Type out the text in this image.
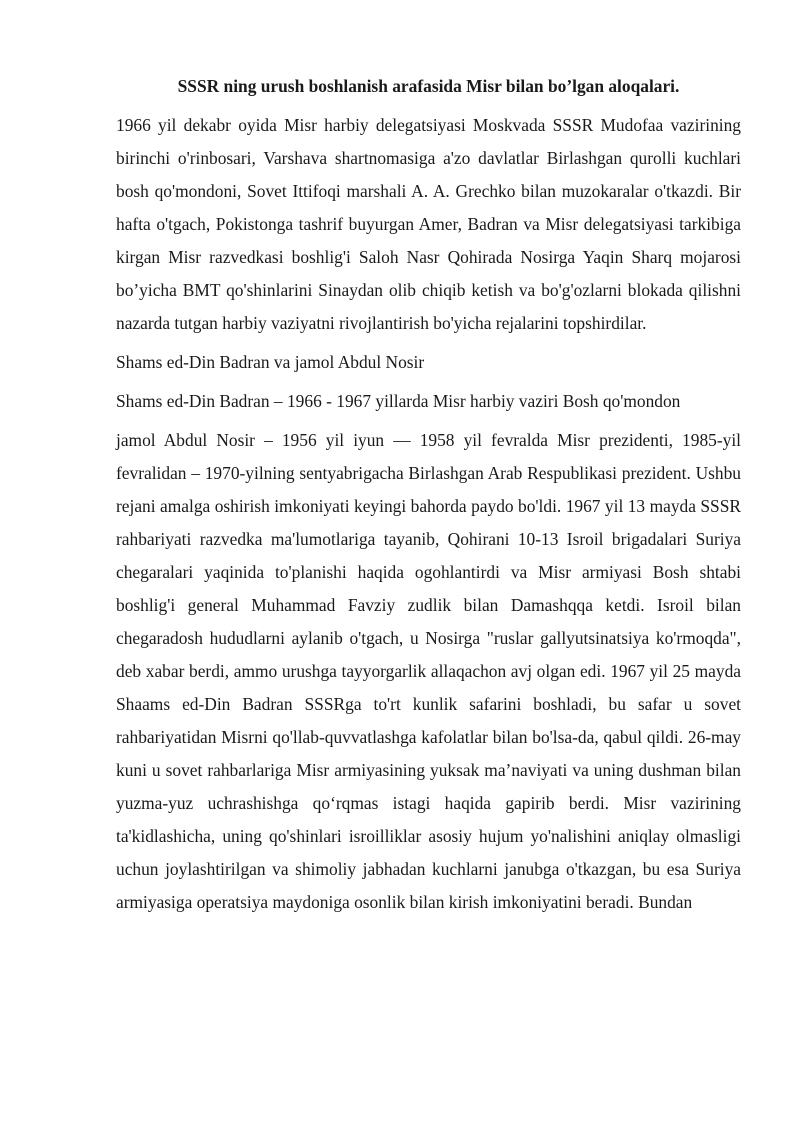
SSSR ning urush boshlanish arafasida Misr bilan bo’lgan aloqalari.

1966 yil dekabr oyida Misr harbiy delegatsiyasi Moskvada SSSR Mudofaa vazirining birinchi o'rinbosari, Varshava shartnomasiga a'zo davlatlar Birlashgan qurolli kuchlari bosh qo'mondoni, Sovet Ittifoqi marshali A. A. Grechko bilan muzokaralar o'tkazdi. Bir hafta o'tgach, Pokistonga tashrif buyurgan Amer, Badran va Misr delegatsiyasi tarkibiga kirgan Misr razvedkasi boshlig'i Saloh Nasr Qohirada Nosirga Yaqin Sharq mojarosi bo’yicha BMT qo'shinlarini Sinaydan olib chiqib ketish va bo'g'ozlarni blokada qilishni nazarda tutgan harbiy vaziyatni rivojlantirish bo'yicha rejalarini topshirdilar.

Shams ed-Din Badran va jamol Abdul Nosir

Shams ed-Din Badran – 1966 - 1967 yillarda Misr harbiy vaziri Bosh qo'mondon

jamol Abdul Nosir – 1956 yil iyun — 1958 yil fevralda Misr prezidenti, 1985-yil fevralidan – 1970-yilning sentyabrigacha Birlashgan Arab Respublikasi prezident. Ushbu rejani amalga oshirish imkoniyati keyingi bahorda paydo bo'ldi. 1967 yil 13 mayda SSSR rahbariyati razvedka ma'lumotlariga tayanib, Qohirani 10-13 Isroil brigadalari Suriya chegaralari yaqinida to'planishi haqida ogohlantirdi va Misr armiyasi Bosh shtabi boshlig'i general Muhammad Favziy zudlik bilan Damashqqa ketdi. Isroil bilan chegaradosh hududlarni aylanib o'tgach, u Nosirga "ruslar gallyutsinatsiya ko'rmoqda", deb xabar berdi, ammo urushga tayyorgarlik allaqachon avj olgan edi. 1967 yil 25 mayda Shaams ed-Din Badran SSSRga to'rt kunlik safarini boshladi, bu safar u sovet rahbariyatidan Misrni qo'llab-quvvatlashga kafolatlar bilan bo'lsa-da, qabul qildi. 26-may kuni u sovet rahbarlariga Misr armiyasining yuksak ma’naviyati va uning dushman bilan yuzma-yuz uchrashishga qo‘rqmas istagi haqida gapirib berdi. Misr vazirining ta'kidlashicha, uning qo'shinlari isroilliklar asosiy hujum yo'nalishini aniqlay olmasligi uchun joylashtirilgan va shimoliy jabhadan kuchlarni janubga o'tkazgan, bu esa Suriya armiyasiga operatsiya maydoniga osonlik bilan kirish imkoniyatini beradi. Bundan
